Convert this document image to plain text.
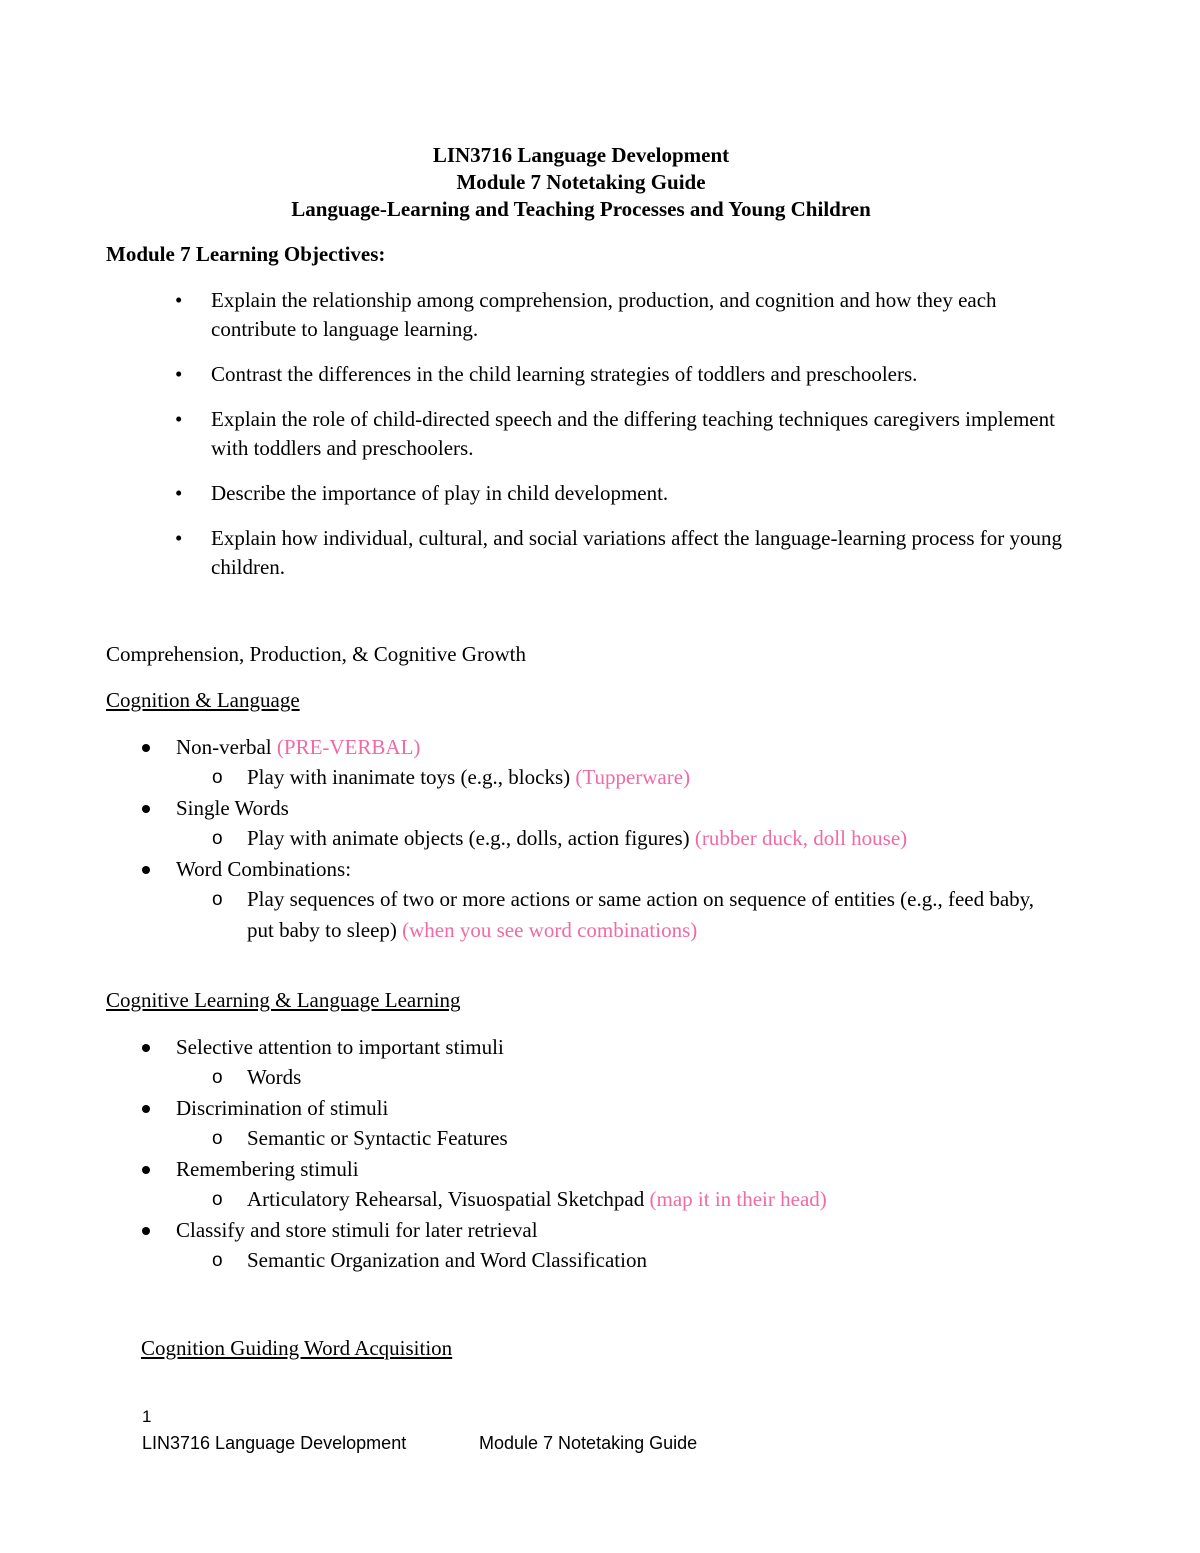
LIN3716 Language Development
Module 7 Notetaking Guide
Language-Learning and Teaching Processes and Young Children
Module 7 Learning Objectives:
• Explain the relationship among comprehension, production, and cognition and how they each contribute to language learning.
• Contrast the differences in the child learning strategies of toddlers and preschoolers.
• Explain the role of child-directed speech and the differing teaching techniques caregivers implement with toddlers and preschoolers.
• Describe the importance of play in child development.
• Explain how individual, cultural, and social variations affect the language-learning process for young children.
Comprehension, Production, & Cognitive Growth
Cognition & Language
Non-verbal (PRE-VERBAL)
o Play with inanimate toys (e.g., blocks) (Tupperware)
Single Words
o Play with animate objects (e.g., dolls, action figures) (rubber duck, doll house)
Word Combinations:
o Play sequences of two or more actions or same action on sequence of entities (e.g., feed baby, put baby to sleep) (when you see word combinations)
Cognitive Learning & Language Learning
Selective attention to important stimuli
o Words
Discrimination of stimuli
o Semantic or Syntactic Features
Remembering stimuli
o Articulatory Rehearsal, Visuospatial Sketchpad (map it in their head)
Classify and store stimuli for later retrieval
o Semantic Organization and Word Classification
Cognition Guiding Word Acquisition
1
LIN3716 Language Development	Module 7 Notetaking Guide
